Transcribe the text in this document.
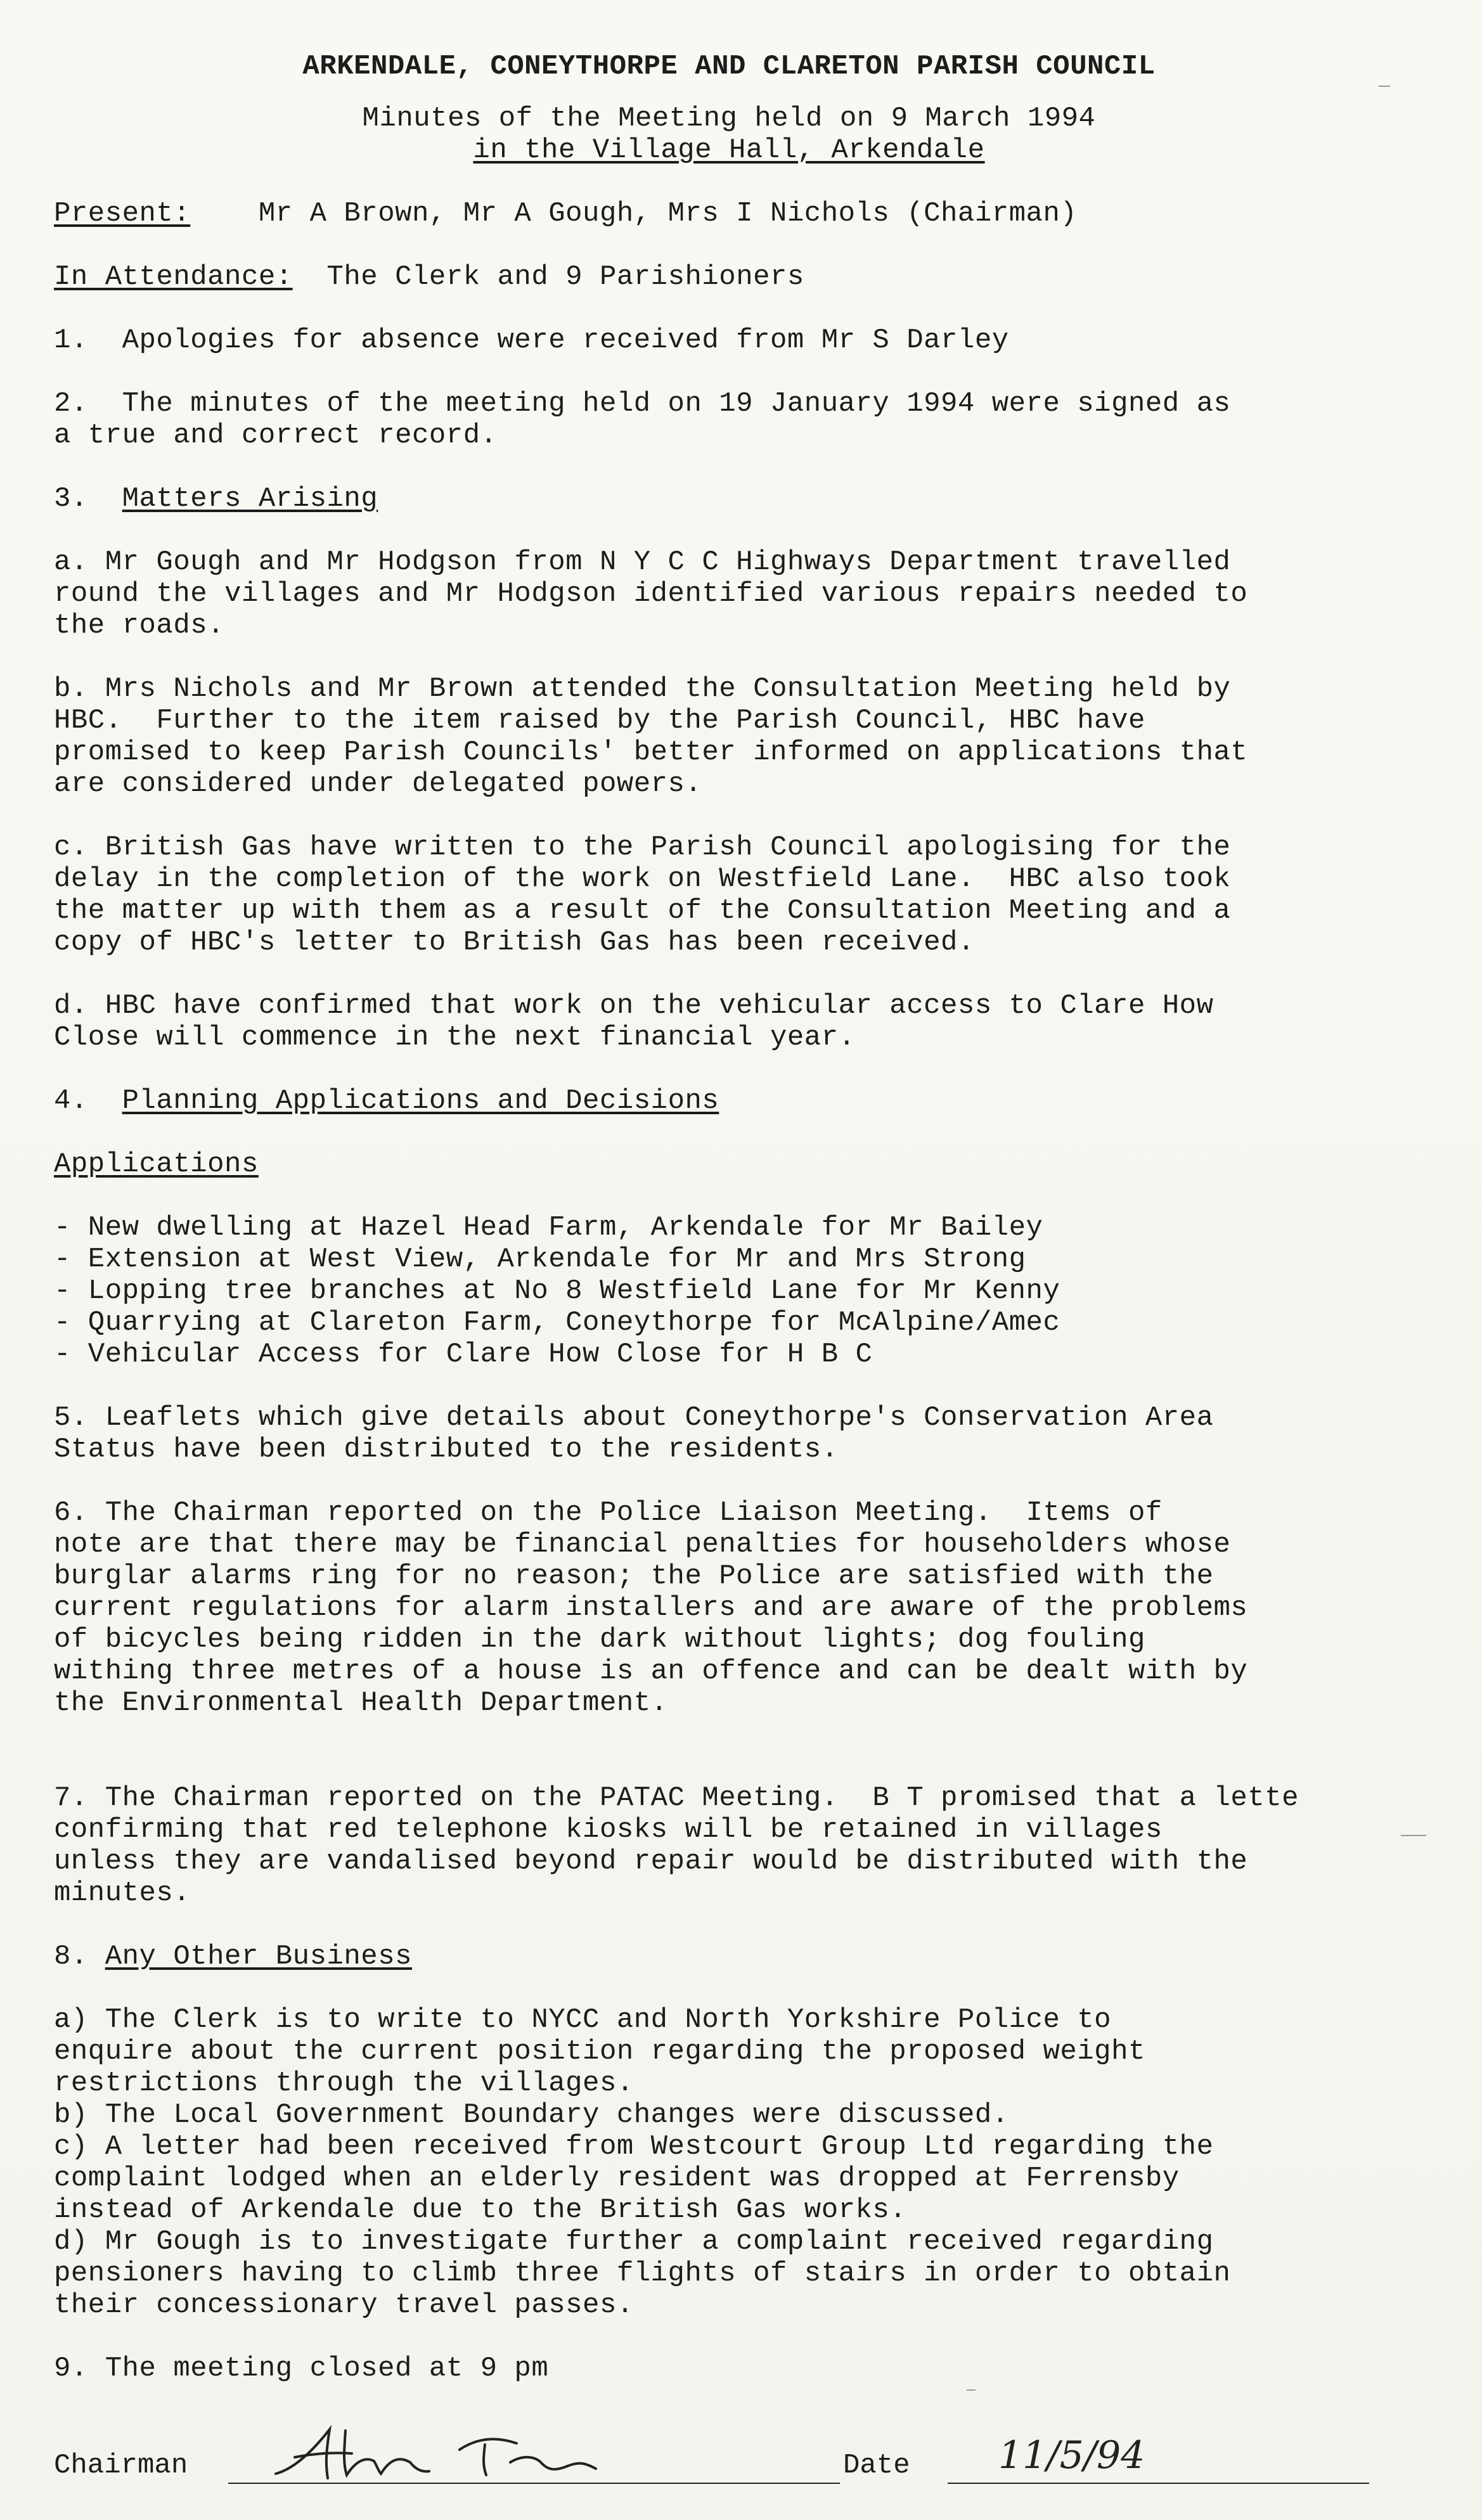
ARKENDALE, CONEYTHORPE AND CLARETON PARISH COUNCIL
Minutes of the Meeting held on 9 March 1994
in the Village Hall, Arkendale
Present: Mr A Brown, Mr A Gough, Mrs I Nichols (Chairman)
In Attendance: The Clerk and 9 Parishioners
1.  Apologies for absence were received from Mr S Darley
2.  The minutes of the meeting held on 19 January 1994 were signed as
a true and correct record.
3.  Matters Arising
a. Mr Gough and Mr Hodgson from N Y C C Highways Department travelled
round the villages and Mr Hodgson identified various repairs needed to
the roads.
b. Mrs Nichols and Mr Brown attended the Consultation Meeting held by
HBC.  Further to the item raised by the Parish Council, HBC have
promised to keep Parish Councils' better informed on applications that
are considered under delegated powers.
c. British Gas have written to the Parish Council apologising for the
delay in the completion of the work on Westfield Lane.  HBC also took
the matter up with them as a result of the Consultation Meeting and a
copy of HBC's letter to British Gas has been received.
d. HBC have confirmed that work on the vehicular access to Clare How
Close will commence in the next financial year.
4.  Planning Applications and Decisions
Applications
- New dwelling at Hazel Head Farm, Arkendale for Mr Bailey
- Extension at West View, Arkendale for Mr and Mrs Strong
- Lopping tree branches at No 8 Westfield Lane for Mr Kenny
- Quarrying at Clareton Farm, Coneythorpe for McAlpine/Amec
- Vehicular Access for Clare How Close for H B C
5. Leaflets which give details about Coneythorpe's Conservation Area
Status have been distributed to the residents.
6. The Chairman reported on the Police Liaison Meeting.  Items of
note are that there may be financial penalties for householders whose
burglar alarms ring for no reason; the Police are satisfied with the
current regulations for alarm installers and are aware of the problems
of bicycles being ridden in the dark without lights; dog fouling
withing three metres of a house is an offence and can be dealt with by
the Environmental Health Department.
7. The Chairman reported on the PATAC Meeting.  B T promised that a lette
confirming that red telephone kiosks will be retained in villages
unless they are vandalised beyond repair would be distributed with the
minutes.
8. Any Other Business
a) The Clerk is to write to NYCC and North Yorkshire Police to
enquire about the current position regarding the proposed weight
restrictions through the villages.
b) The Local Government Boundary changes were discussed.
c) A letter had been received from Westcourt Group Ltd regarding the
complaint lodged when an elderly resident was dropped at Ferrensby
instead of Arkendale due to the British Gas works.
d) Mr Gough is to investigate further a complaint received regarding
pensioners having to climb three flights of stairs in order to obtain
their concessionary travel passes.
9. The meeting closed at 9 pm
Chairman	Date 11/5/94
